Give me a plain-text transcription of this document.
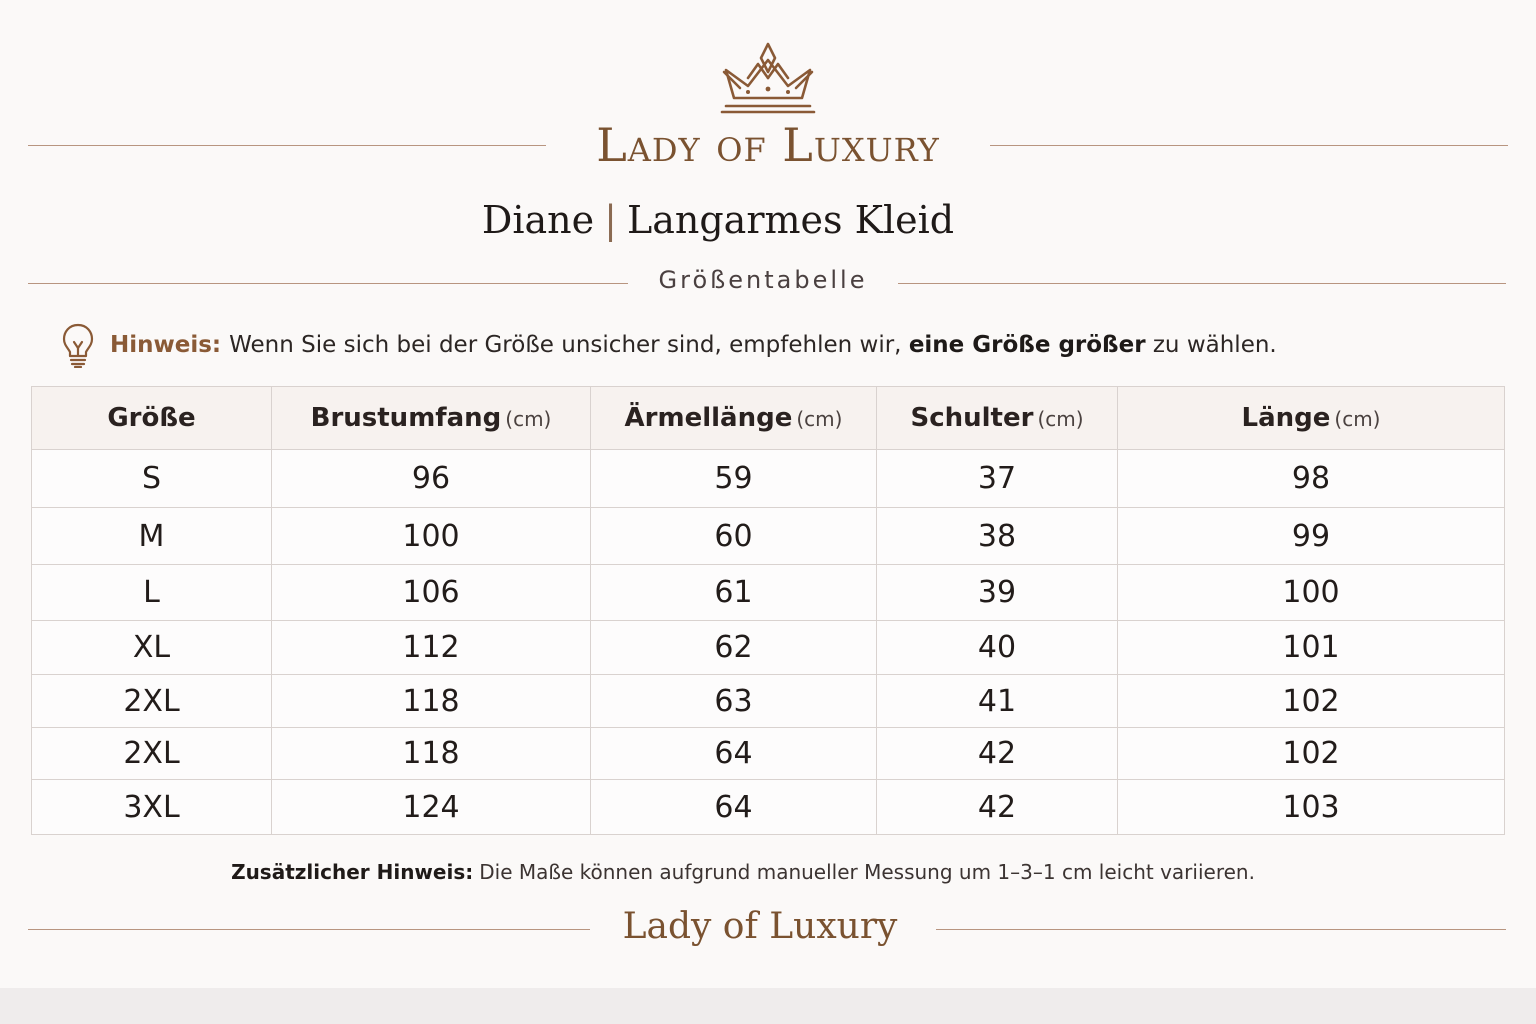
Lady of Luxury
Diane | Langarmes Kleid
Größentabelle
Hinweis: Wenn Sie sich bei der Größe unsicher sind, empfehlen wir,
eine Größe größer
zu wählen.
Größe	Brustumfang (cm)	Ärmellänge (cm)	Schulter (cm)	Länge (cm)
S	96	59	37	98
M	100	60	38	99
L	106	61	39	100
XL	112	62	40	101
2XL	118	63	41	102
2XL	118	64	42	102
3XL	124	64	42	103
Zusätzlicher Hinweis: Die Maße können aufgrund manueller Messung um 1–3–1 cm leicht variieren.
Lady of Luxury
